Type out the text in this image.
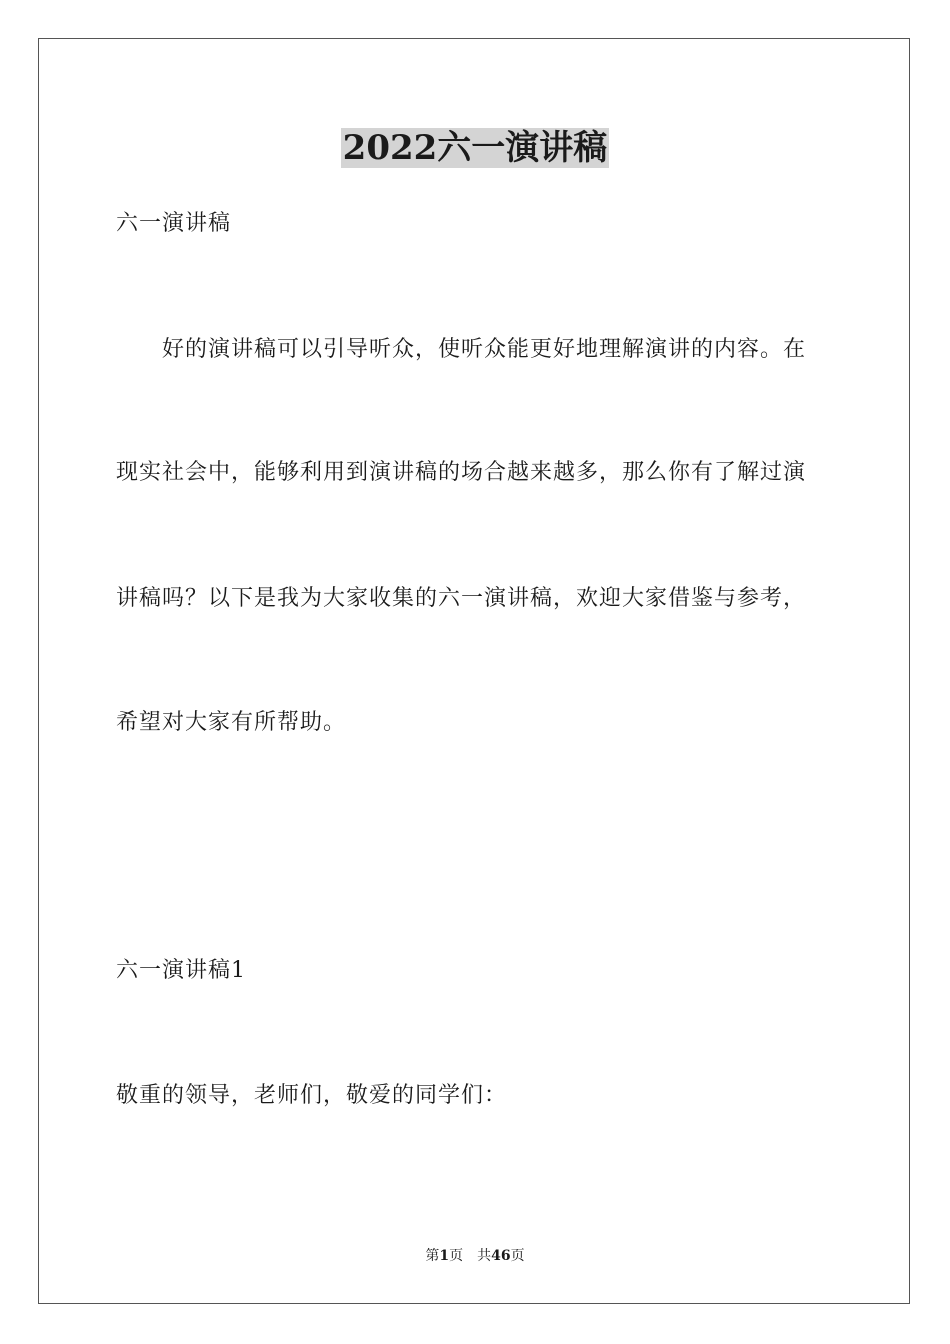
2022六一演讲稿
六一演讲稿
好的演讲稿可以引导听众，使听众能更好地理解演讲的内容。在
现实社会中，能够利用到演讲稿的场合越来越多，那么你有了解过演
讲稿吗？以下是我为大家收集的六一演讲稿，欢迎大家借鉴与参考，
希望对大家有所帮助。
六一演讲稿1
敬重的领导，老师们，敬爱的同学们：
第1页 共46页
